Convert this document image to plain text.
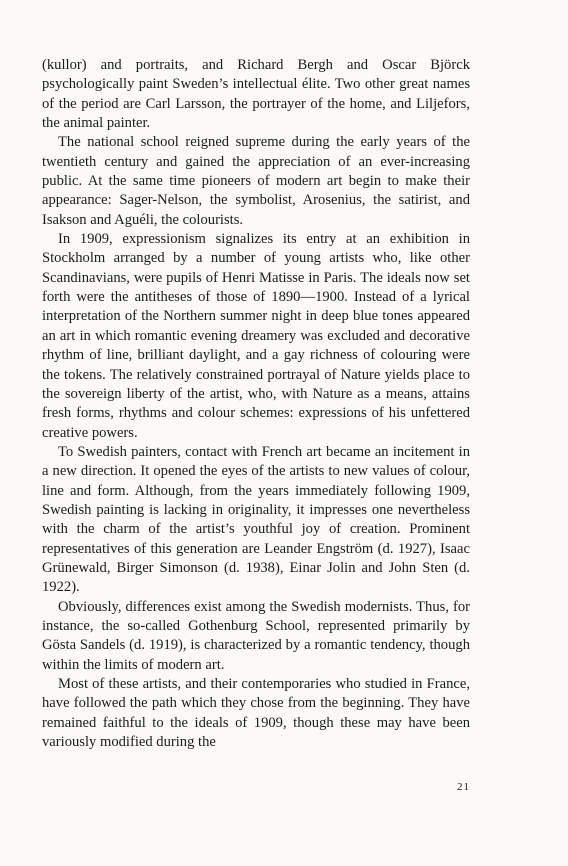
(kullor) and portraits, and Richard Bergh and Oscar Björck psychologically paint Sweden’s intellectual élite. Two other great names of the period are Carl Larsson, the portrayer of the home, and Liljefors, the animal painter.

The national school reigned supreme during the early years of the twentieth century and gained the appreciation of an ever-increasing public. At the same time pioneers of modern art begin to make their appearance: Sager-Nelson, the symbolist, Arosenius, the satirist, and Isakson and Aguéli, the colourists.

In 1909, expressionism signalizes its entry at an exhibition in Stockholm arranged by a number of young artists who, like other Scandinavians, were pupils of Henri Matisse in Paris. The ideals now set forth were the antitheses of those of 1890—1900. Instead of a lyrical interpretation of the Northern summer night in deep blue tones appeared an art in which romantic evening dreamery was excluded and decorative rhythm of line, brilliant daylight, and a gay richness of colouring were the tokens. The relatively constrained portrayal of Nature yields place to the sovereign liberty of the artist, who, with Nature as a means, attains fresh forms, rhythms and colour schemes: expressions of his unfettered creative powers.

To Swedish painters, contact with French art became an incitement in a new direction. It opened the eyes of the artists to new values of colour, line and form. Although, from the years immediately following 1909, Swedish painting is lacking in originality, it impresses one nevertheless with the charm of the artist’s youthful joy of creation. Prominent representatives of this generation are Leander Engström (d. 1927), Isaac Grünewald, Birger Simonson (d. 1938), Einar Jolin and John Sten (d. 1922).

Obviously, differences exist among the Swedish modernists. Thus, for instance, the so-called Gothenburg School, represented primarily by Gösta Sandels (d. 1919), is characterized by a romantic tendency, though within the limits of modern art.

Most of these artists, and their contemporaries who studied in France, have followed the path which they chose from the beginning. They have remained faithful to the ideals of 1909, though these may have been variously modified during the

21
